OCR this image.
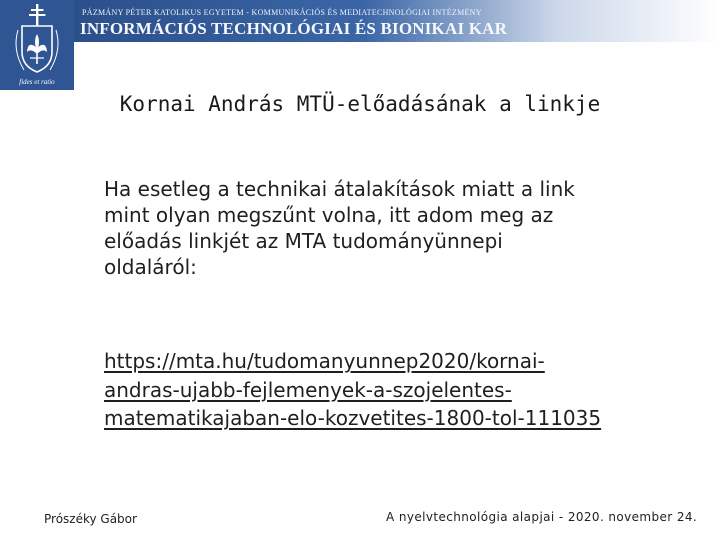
fides et ratio
PÁZMÁNY PÉTER KATOLIKUS EGYETEM - KOMMUNIKÁCIÓS ÉS MEDIATECHNOLÓGIAI INTÉZMÉNY
INFORMÁCIÓS TECHNOLÓGIAI ÉS BIONIKAI KAR
Kornai András MTÜ-előadásának a linkje
Ha esetleg a technikai átalakítások miatt a link
mint olyan megszűnt volna, itt adom meg az
előadás linkjét az MTA tudományünnepi
oldaláról:
https://mta.hu/tudomanyunnep2020/kornai-
andras-ujabb-fejlemenyek-a-szojelentes-
matematikajaban-elo-kozvetites-1800-tol-111035
Prószéky Gábor	A nyelvtechnológia alapjai - 2020. november 24.
